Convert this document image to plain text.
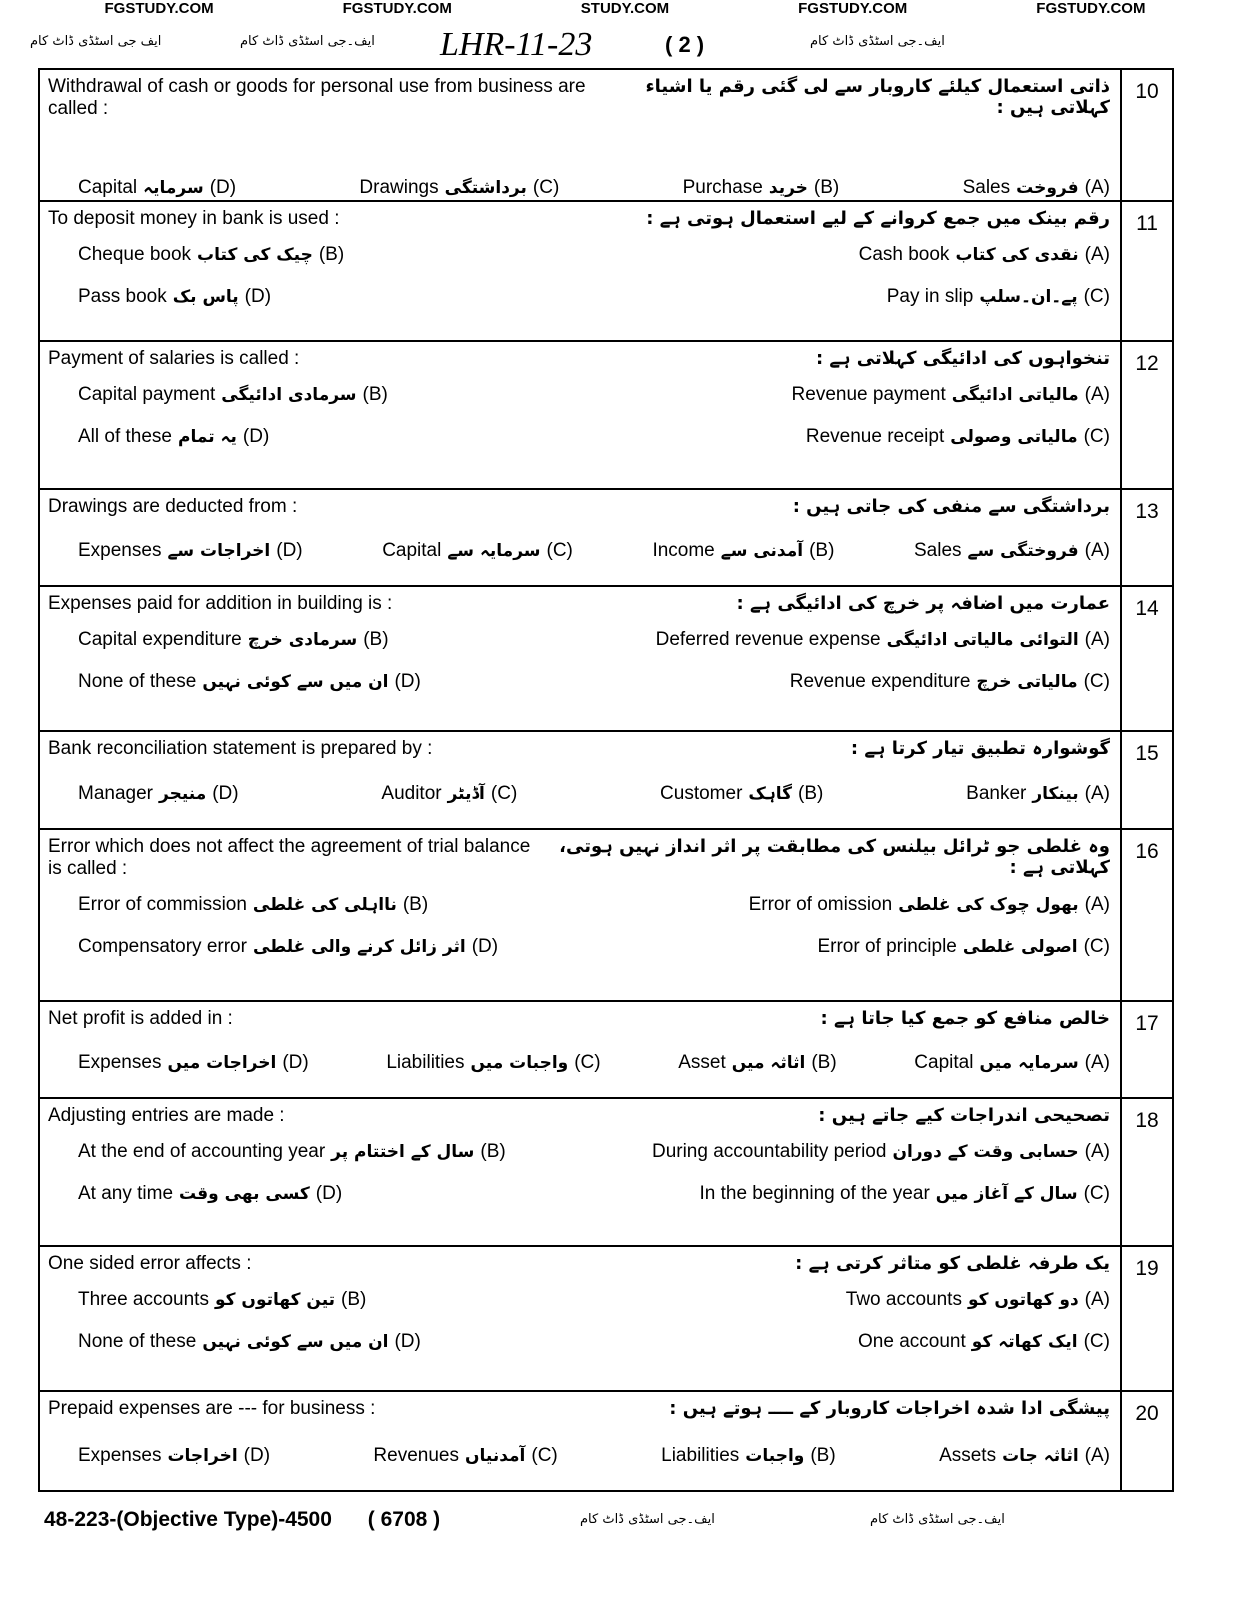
FGSTUDY.COM	FGSTUDY.COM	STUDY.COM	FGSTUDY.COM	FGSTUDY.COM
ایف جی اسٹڈی ڈاٹ کام	ایف۔جی اسٹڈی ڈاٹ کام LHR-11-23	( 2 )	ایف۔جی اسٹڈی ڈاٹ کام
Withdrawal of cash or goods for personal use from business are called :
ذاتی استعمال کیلئے کاروبار سے لی گئی رقم یا اشیاء کہلاتی ہیں :
Sales فروخت (A)
Purchase خرید (B)
Drawings برداشتگی (C)
Capital سرمایہ (D)
10
To deposit money in bank is used :	رقم بینک میں جمع کروانے کے لیے استعمال ہوتی ہے :
Cash book نقدی کی کتاب (A)
Cheque book چیک کی کتاب (B)
Pay in slip پے۔ان۔سلپ (C)
Pass book پاس بک (D)
11
Payment of salaries is called :	تنخواہوں کی ادائیگی کہلاتی ہے :
Revenue payment مالیاتی ادائیگی (A)
Capital payment سرمادی ادائیگی (B)
Revenue receipt مالیاتی وصولی (C)
All of these یہ تمام (D)
12
Drawings are deducted from :	برداشتگی سے منفی کی جاتی ہیں :
Sales فروختگی سے (A)
Income آمدنی سے (B)
Capital سرمایہ سے (C)
Expenses اخراجات سے (D)
13
Expenses paid for addition in building is :	عمارت میں اضافہ پر خرچ کی ادائیگی ہے :
Deferred revenue expense التوائی مالیاتی ادائیگی (A)
Capital expenditure سرمادی خرچ (B)
Revenue expenditure مالیاتی خرچ (C)
None of these ان میں سے کوئی نہیں (D)
14
Bank reconciliation statement is prepared by :	گوشوارہ تطبیق تیار کرتا ہے :
Banker بینکار (A)
Customer گاہک (B)
Auditor آڈیٹر (C)
Manager منیجر (D)
15
Error which does not affect the agreement of trial balance is called :
وہ غلطی جو ٹرائل بیلنس کی مطابقت پر اثر انداز نہیں ہوتی، کہلاتی ہے :
Error of omission بھول چوک کی غلطی (A)
Error of commission نااہلی کی غلطی (B)
Error of principle اصولی غلطی (C)
Compensatory error اثر زائل کرنے والی غلطی (D)
16
Net profit is added in :	خالص منافع کو جمع کیا جاتا ہے :
Capital سرمایہ میں (A)
Asset اثاثہ میں (B)
Liabilities واجبات میں (C)
Expenses اخراجات میں (D)
17
Adjusting entries are made :	تصحیحی اندراجات کیے جاتے ہیں :
During accountability period حسابی وقت کے دوران (A)
At the end of accounting year سال کے اختتام پر (B)
In the beginning of the year سال کے آغاز میں (C)
At any time کسی بھی وقت (D)
18
One sided error affects :	یک طرفہ غلطی کو متاثر کرتی ہے :
Two accounts دو کھاتوں کو (A)
Three accounts تین کھاتوں کو (B)
One account ایک کھاتہ کو (C)
None of these ان میں سے کوئی نہیں (D)
19
Prepaid expenses are --- for business :	پیشگی ادا شدہ اخراجات کاروبار کے ــــ ہوتے ہیں :
Assets اثاثہ جات (A)
Liabilities واجبات (B)
Revenues آمدنیاں (C)
Expenses اخراجات (D)
20
48-223-(Objective Type)-4500 ( 6708 )	ایف۔جی اسٹڈی ڈاٹ کام	ایف۔جی اسٹڈی ڈاٹ کام
